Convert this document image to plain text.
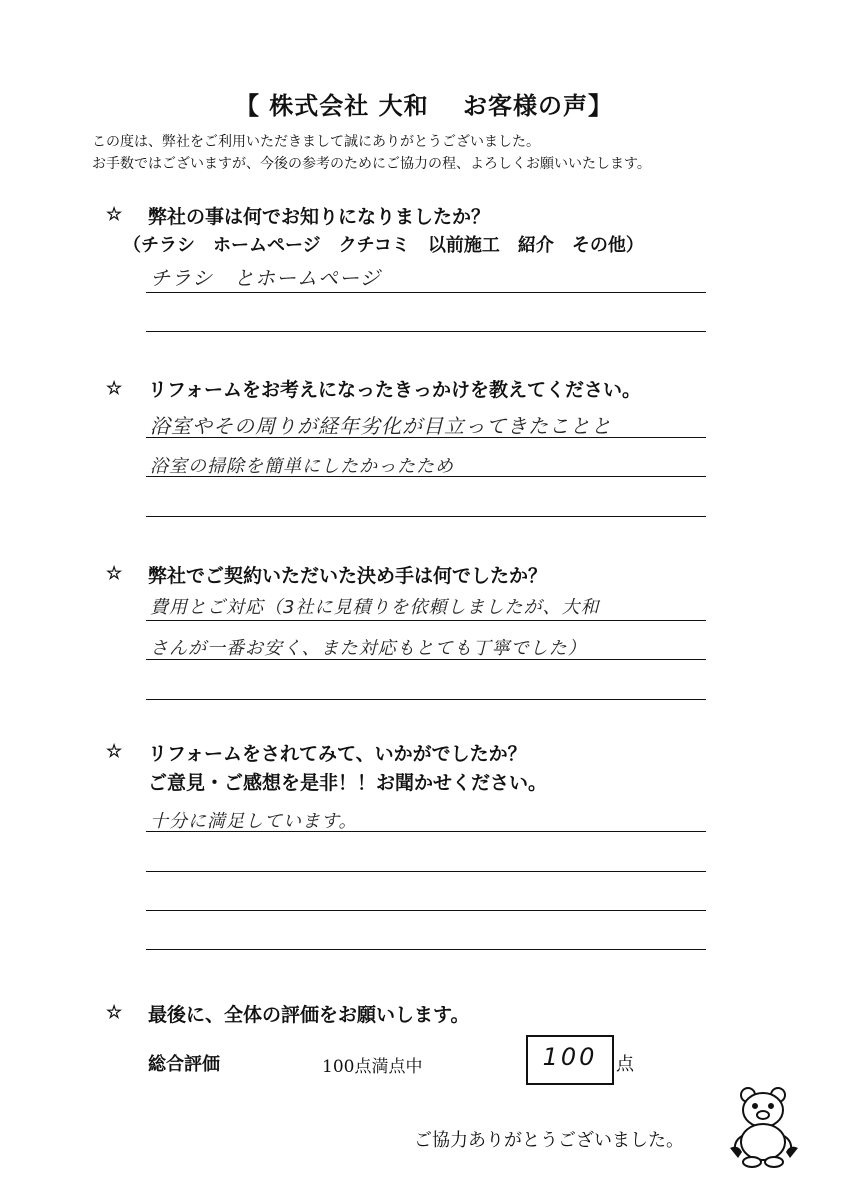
【 株式会社 大和　 お客様の声】
この度は、弊社をご利用いただきまして誠にありがとうございました。
お手数ではございますが、今後の参考のためにご協力の程、よろしくお願いいたします。
☆ 弊社の事は何でお知りになりましたか？
（チラシ　ホームページ　クチコミ　以前施工　紹介　その他）
チラシ　とホームページ
☆ リフォームをお考えになったきっかけを教えてください。
浴室やその周りが経年劣化が目立ってきたことと
浴室の掃除を簡単にしたかったため
☆ 弊社でご契約いただいた決め手は何でしたか？
費用とご対応（3社に見積りを依頼しましたが、大和
さんが一番お安く、また対応もとても丁寧でした）
☆ リフォームをされてみて、いかがでしたか？
ご意見・ご感想を是非！！お聞かせください。
十分に満足しています。
☆ 最後に、全体の評価をお願いします。
総合評価	100点満点中	100	点
ご協力ありがとうございました。
